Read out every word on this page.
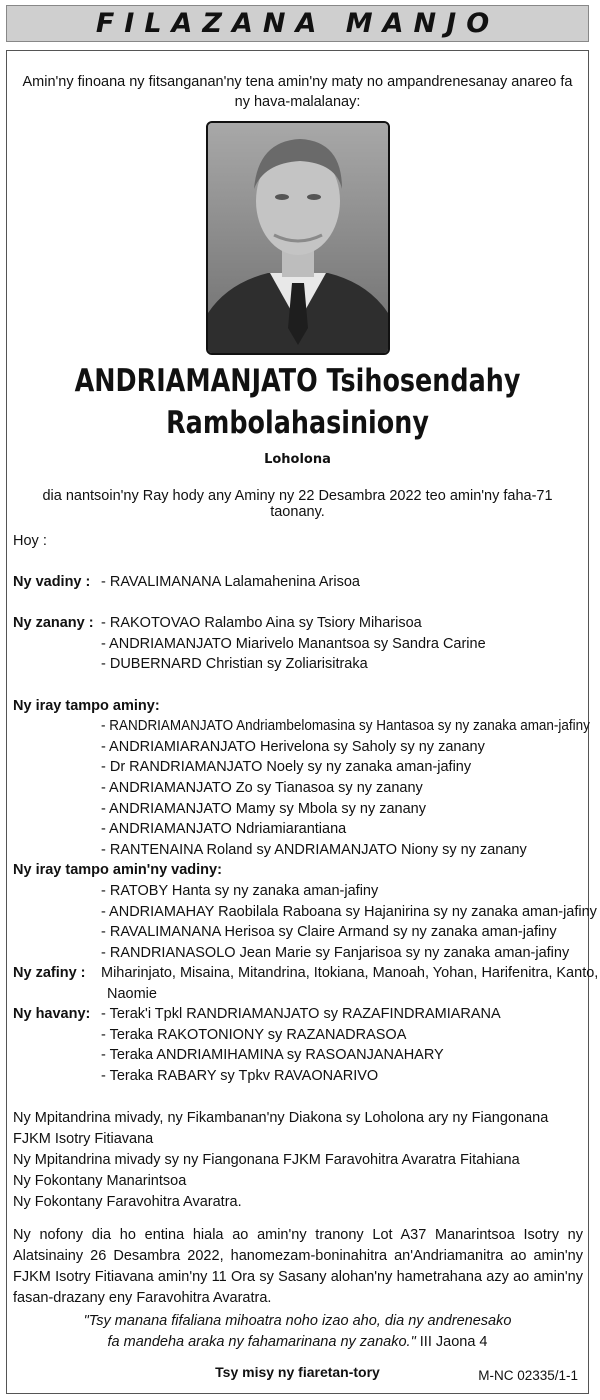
FILAZANA MANJO
Amin'ny finoana ny fitsanganan'ny tena amin'ny maty no ampandrenesanay anareo fa ny hava-malalanay:
ANDRIAMANJATO Tsihosendahy
Rambolahasiniony
Loholona
dia nantsoin'ny Ray hody any Aminy ny 22 Desambra 2022 teo amin'ny faha-71 taonany.
Hoy :
Ny vadiny : - RAVALIMANANA Lalamahenina Arisoa
Ny zanany : - RAKOTOVAO Ralambo Aina sy Tsiory Miharisoa
- ANDRIAMANJATO Miarivelo Manantsoa sy Sandra Carine
- DUBERNARD Christian sy Zoliarisitraka
Ny iray tampo aminy:
- RANDRIAMANJATO Andriambelomasina sy Hantasoa sy ny zanaka aman-jafiny
- ANDRIAMIARANJATO Herivelona sy Saholy sy ny zanany
- Dr RANDRIAMANJATO Noely sy ny zanaka aman-jafiny
- ANDRIAMANJATO Zo sy Tianasoa sy ny zanany
- ANDRIAMANJATO Mamy sy Mbola sy ny zanany
- ANDRIAMANJATO Ndriamiarantiana
- RANTENAINA Roland sy ANDRIAMANJATO Niony sy ny zanany
Ny iray tampo amin'ny vadiny:
- RATOBY Hanta sy ny zanaka aman-jafiny
- ANDRIAMAHAY Raobilala Raboana sy Hajanirina sy ny zanaka aman-jafiny
- RAVALIMANANA Herisoa sy Claire Armand sy ny zanaka aman-jafiny
- RANDRIANASOLO Jean Marie sy Fanjarisoa sy ny zanaka aman-jafiny
Ny zafiny : Miharinjato, Misaina, Mitandrina, Itokiana, Manoah, Yohan, Harifenitra, Kanto,
Naomie
Ny havany: - Terak'i Tpkl RANDRIAMANJATO sy RAZAFINDRAMIARANA
- Teraka RAKOTONIONY sy RAZANADRASOA
- Teraka ANDRIAMIHAMINA sy RASOANJANAHARY
- Teraka RABARY sy Tpkv RAVAONARIVO
Ny Mpitandrina mivady, ny Fikambanan'ny Diakona sy Loholona ary ny Fiangonana FJKM Isotry Fitiavana
Ny Mpitandrina mivady sy ny Fiangonana FJKM Faravohitra Avaratra Fitahiana
Ny Fokontany Manarintsoa
Ny Fokontany Faravohitra Avaratra.
Ny nofony dia ho entina hiala ao amin'ny tranony Lot A37 Manarintsoa Isotry ny Alatsinainy 26 Desambra 2022, hanomezam-boninahitra an'Andriamanitra ao amin'ny FJKM Isotry Fitiavana amin'ny 11 Ora sy Sasany alohan'ny hametrahana azy ao amin'ny fasan-drazany eny Faravohitra Avaratra.
"Tsy manana fifaliana mihoatra noho izao aho, dia ny andrenesako
fa mandeha araka ny fahamarinana ny zanako." III Jaona 4
Tsy misy ny fiaretan-tory	M-NC 02335/1-1
